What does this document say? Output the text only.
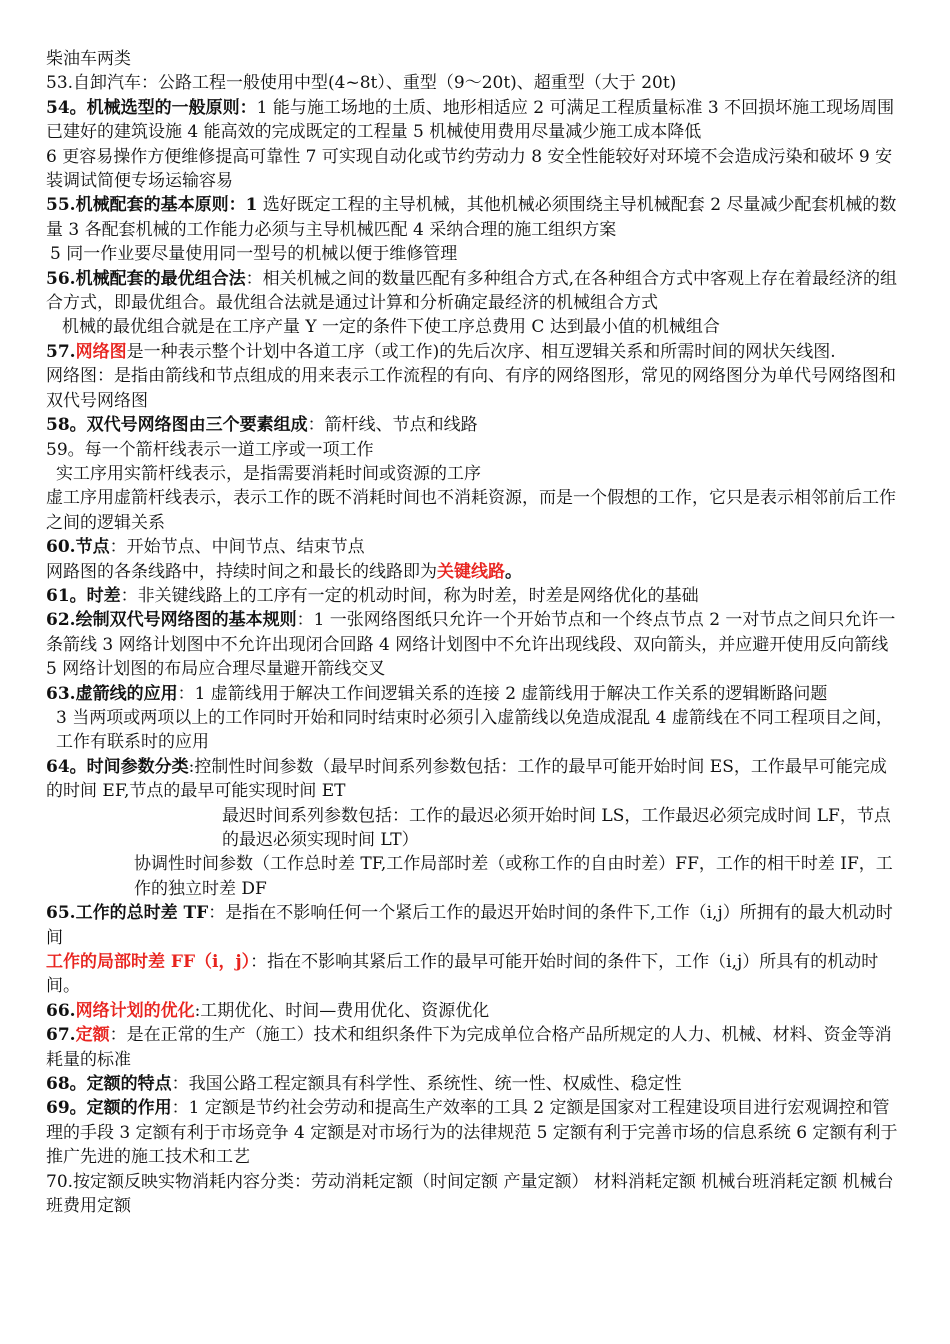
柴油车两类

53.自卸汽车：公路工程一般使用中型(4~8t）、重型（9～20t)、超重型（大于 20t)

54。机械选型的一般原则：1 能与施工场地的土质、地形相适应 2 可满足工程质量标准 3 不回损坏施工现场周围已建好的建筑设施 4 能高效的完成既定的工程量 5 机械使用费用尽量减少施工成本降低

6 更容易操作方便维修提高可靠性 7 可实现自动化或节约劳动力 8 安全性能较好对环境不会造成污染和破坏 9 安装调试简便专场运输容易

55.机械配套的基本原则：1 选好既定工程的主导机械，其他机械必须围绕主导机械配套 2 尽量减少配套机械的数量 3 各配套机械的工作能力必须与主导机械匹配 4 采纳合理的施工组织方案

5 同一作业要尽量使用同一型号的机械以便于维修管理

56.机械配套的最优组合法：相关机械之间的数量匹配有多种组合方式,在各种组合方式中客观上存在着最经济的组合方式，即最优组合。最优组合法就是通过计算和分析确定最经济的机械组合方式

机械的最优组合就是在工序产量 Y 一定的条件下使工序总费用 C 达到最小值的机械组合

57.网络图是一种表示整个计划中各道工序（或工作)的先后次序、相互逻辑关系和所需时间的网状矢线图.

网络图：是指由箭线和节点组成的用来表示工作流程的有向、有序的网络图形，常见的网络图分为单代号网络图和双代号网络图

58。双代号网络图由三个要素组成：箭杆线、节点和线路

59。每一个箭杆线表示一道工序或一项工作

实工序用实箭杆线表示，是指需要消耗时间或资源的工序

虚工序用虚箭杆线表示，表示工作的既不消耗时间也不消耗资源，而是一个假想的工作，它只是表示相邻前后工作之间的逻辑关系

60.节点：开始节点、中间节点、结束节点

网路图的各条线路中，持续时间之和最长的线路即为关键线路。

61。时差：非关键线路上的工序有一定的机动时间，称为时差，时差是网络优化的基础

62.绘制双代号网络图的基本规则：1 一张网络图纸只允许一个开始节点和一个终点节点 2 一对节点之间只允许一条箭线 3 网络计划图中不允许出现闭合回路 4 网络计划图中不允许出现线段、双向箭头，并应避开使用反向箭线 5 网络计划图的布局应合理尽量避开箭线交叉

63.虚箭线的应用：1 虚箭线用于解决工作间逻辑关系的连接 2 虚箭线用于解决工作关系的逻辑断路问题

3 当两项或两项以上的工作同时开始和同时结束时必须引入虚箭线以免造成混乱 4 虚箭线在不同工程项目之间，工作有联系时的应用

64。时间参数分类:控制性时间参数（最早时间系列参数包括：工作的最早可能开始时间 ES，工作最早可能完成的时间 EF,节点的最早可能实现时间 ET

最迟时间系列参数包括：工作的最迟必须开始时间 LS，工作最迟必须完成时间 LF，节点的最迟必须实现时间 LT）

协调性时间参数（工作总时差 TF,工作局部时差（或称工作的自由时差）FF，工作的相干时差 IF，工作的独立时差 DF

65.工作的总时差 TF：是指在不影响任何一个紧后工作的最迟开始时间的条件下,工作（i,j）所拥有的最大机动时间

工作的局部时差 FF（i，j）：指在不影响其紧后工作的最早可能开始时间的条件下，工作（i,j）所具有的机动时间。

66.网络计划的优化:工期优化、时间—费用优化、资源优化

67.定额：是在正常的生产（施工）技术和组织条件下为完成单位合格产品所规定的人力、机械、材料、资金等消耗量的标准

68。定额的特点：我国公路工程定额具有科学性、系统性、统一性、权威性、稳定性

69。定额的作用：1 定额是节约社会劳动和提高生产效率的工具 2 定额是国家对工程建设项目进行宏观调控和管理的手段 3 定额有利于市场竞争 4 定额是对市场行为的法律规范 5 定额有利于完善市场的信息系统 6 定额有利于推广先进的施工技术和工艺

70.按定额反映实物消耗内容分类：劳动消耗定额（时间定额 产量定额） 材料消耗定额 机械台班消耗定额 机械台班费用定额
